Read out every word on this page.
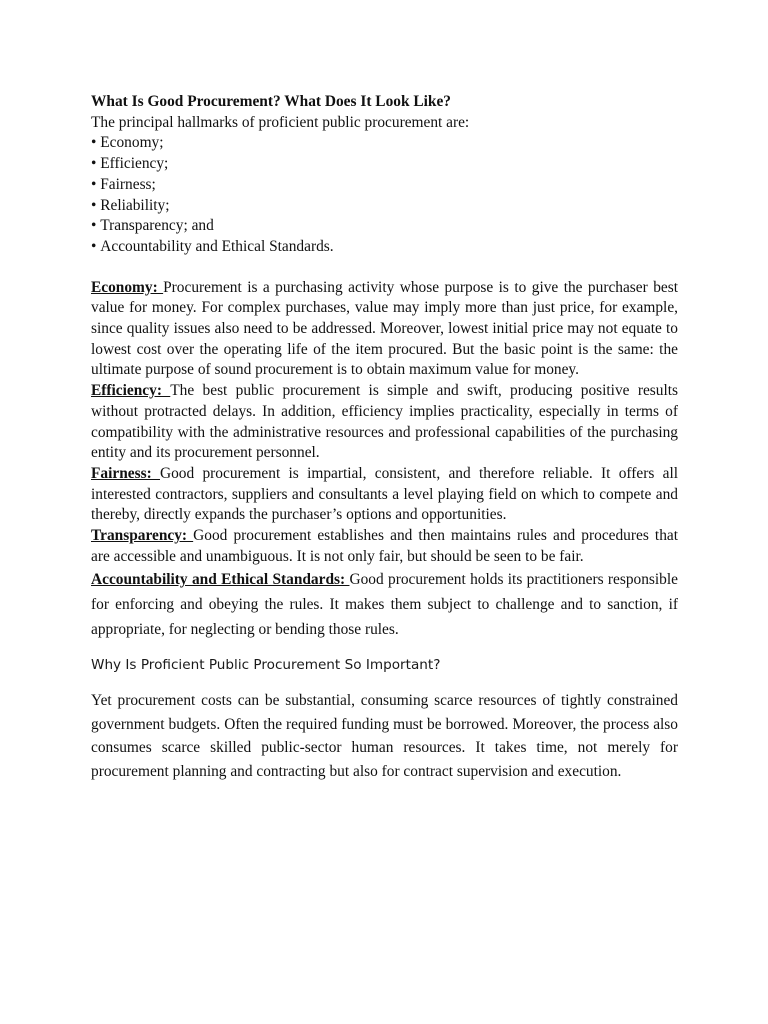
What Is Good Procurement? What Does It Look Like?

The principal hallmarks of proficient public procurement are:

• Economy;
• Efficiency;
• Fairness;
• Reliability;
• Transparency; and
• Accountability and Ethical Standards.

Economy: Procurement is a purchasing activity whose purpose is to give the purchaser best value for money. For complex purchases, value may imply more than just price, for example, since quality issues also need to be addressed. Moreover, lowest initial price may not equate to lowest cost over the operating life of the item procured. But the basic point is the same: the ultimate purpose of sound procurement is to obtain maximum value for money.

Efficiency: The best public procurement is simple and swift, producing positive results without protracted delays. In addition, efficiency implies practicality, especially in terms of compatibility with the administrative resources and professional capabilities of the purchasing entity and its procurement personnel.

Fairness: Good procurement is impartial, consistent, and therefore reliable. It offers all interested contractors, suppliers and consultants a level playing field on which to compete and thereby, directly expands the purchaser’s options and opportunities.

Transparency: Good procurement establishes and then maintains rules and procedures that are accessible and unambiguous. It is not only fair, but should be seen to be fair.

Accountability and Ethical Standards: Good procurement holds its practitioners responsible for enforcing and obeying the rules. It makes them subject to challenge and to sanction, if appropriate, for neglecting or bending those rules.

Why Is Proficient Public Procurement So Important?

Yet procurement costs can be substantial, consuming scarce resources of tightly constrained government budgets. Often the required funding must be borrowed. Moreover, the process also consumes scarce skilled public-sector human resources. It takes time, not merely for procurement planning and contracting but also for contract supervision and execution.
